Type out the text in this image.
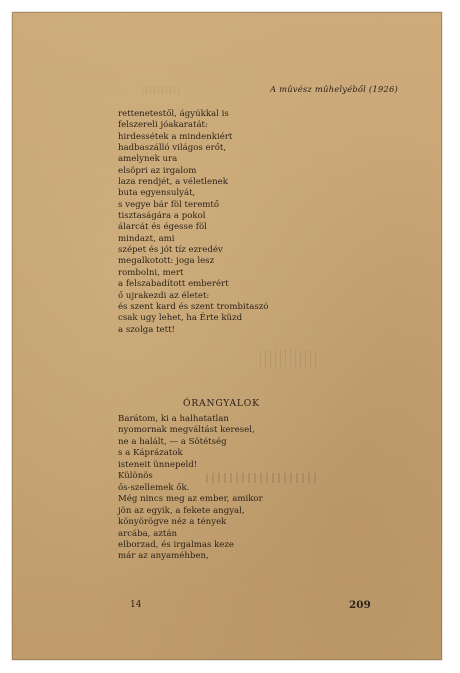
A mûvész mûhelyéből (1926)
rettenetestől, ágyúkkal is
felszereli jóakaratát:
hirdessétek a mindenkiért
hadbaszálló világos erőt,
amelynek ura
elsöpri az irgalom
laza rendjét, a véletlenek
buta egyensulyát,
s vegye bár föl teremtő
tisztaságára a pokol
álarcát és égesse föl
mindazt, ami
szépet és jót tíz ezredév
megalkotott: joga lesz
rombolni, mert
a felszabadított emberért
ő ujrakezdi az életet:
és szent kard és szent trombitaszó
csak ugy lehet, ha Érte küzd
a szolga tett!
ÓRANGYALOK
Barátom, ki a halhatatlan
nyomornak megváltást keresel,
ne a halált, — a Sötétség
s a Káprázatok
isteneit ünnepeld!
Különös
ős-szellemek ők.
Még nincs meg az ember, amikor
jön az egyik, a fekete angyal,
könyörögve néz a tények
arcába, aztán
elborzad, és irgalmas keze
már az anyaméhben,
14	209
